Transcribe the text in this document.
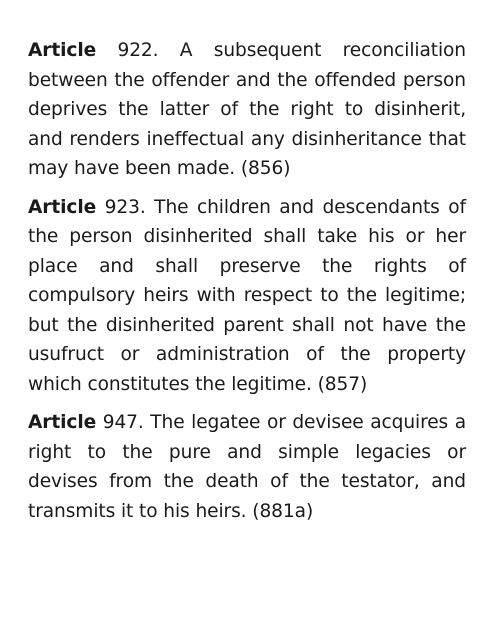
Article 922. A subsequent reconciliation between the offender and the offended person deprives the latter of the right to disinherit, and renders ineffectual any disinheritance that may have been made. (856)

Article 923. The children and descendants of the person disinherited shall take his or her place and shall preserve the rights of compulsory heirs with respect to the legitime; but the disinherited parent shall not have the usufruct or administration of the property which constitutes the legitime. (857)

Article 947. The legatee or devisee acquires a right to the pure and simple legacies or devises from the death of the testator, and transmits it to his heirs. (881a)
